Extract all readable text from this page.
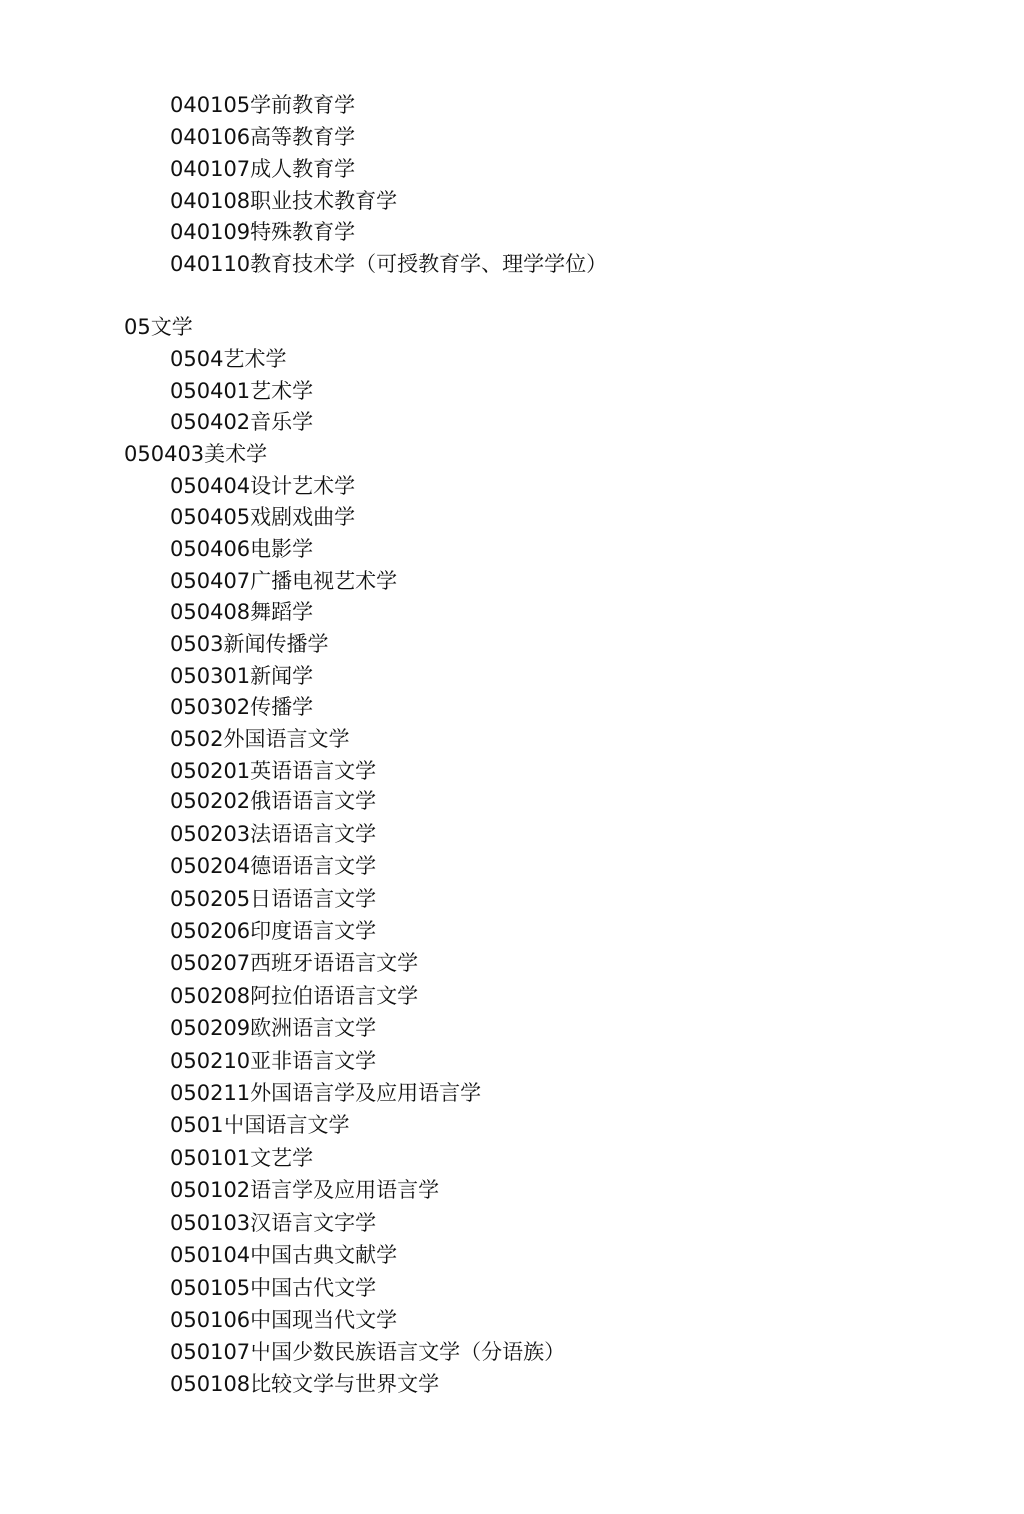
040105学前教育学
040106高等教育学
040107成人教育学
040108职业技术教育学
040109特殊教育学
040110教育技术学（可授教育学、理学学位）
05文学
0504艺术学
050401艺术学
050402音乐学
050403美术学
050404设计艺术学
050405戏剧戏曲学
050406电影学
050407广播电视艺术学
050408舞蹈学
0503新闻传播学
050301新闻学
050302传播学
0502外国语言文学
050201英语语言文学
050202俄语语言文学
050203法语语言文学
050204德语语言文学
050205日语语言文学
050206印度语言文学
050207西班牙语语言文学
050208阿拉伯语语言文学
050209欧洲语言文学
050210亚非语言文学
050211外国语言学及应用语言学
0501屮国语言文学
050101文艺学
050102语言学及应用语言学
050103汉语言文字学
050104中国古典文献学
050105中国古代文学
050106中国现当代文学
050107屮国少数民族语言文学（分语族）
050108比较文学与世界文学
